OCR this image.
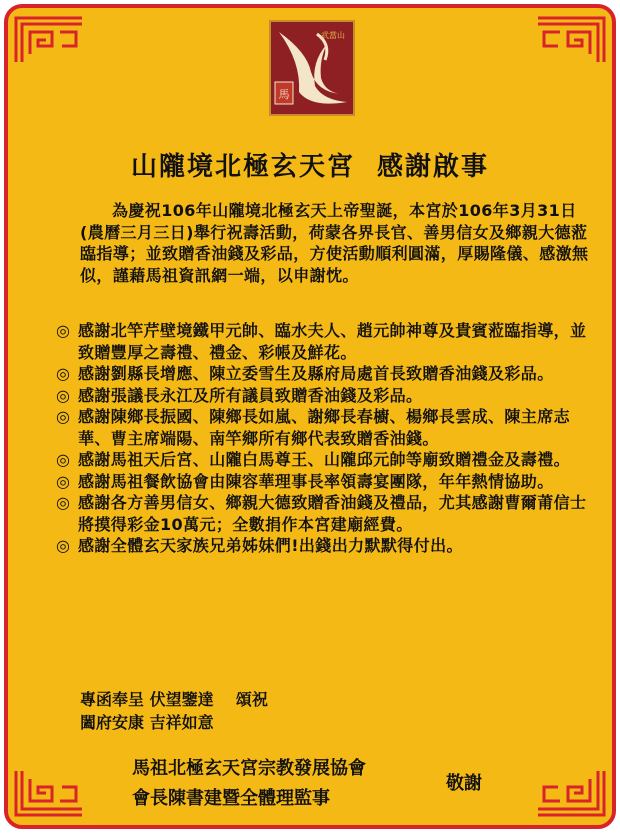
馬
武當山
山隴境北極玄天宮  感謝啟事
為慶祝106年山隴境北極玄天上帝聖誕，本宮於106年3月31日(農曆三月三日)舉行祝壽活動，荷蒙各界長官、善男信女及鄉親大德蒞臨指導；並致贈香油錢及彩品，方使活動順利圓滿，厚賜隆儀、感激無似，謹藉馬祖資訊網一端，以申謝忱。
◎ 感謝北竿芹壁境鐵甲元帥、臨水夫人、趙元帥神尊及貴賓蒞臨指導，並致贈豐厚之壽禮、禮金、彩帳及鮮花。
◎ 感謝劉縣長增應、陳立委雪生及縣府局處首長致贈香油錢及彩品。
◎ 感謝張議長永江及所有議員致贈香油錢及彩品。
◎ 感謝陳鄉長振國、陳鄉長如嵐、謝鄉長春櫥、楊鄉長雲成、陳主席志華、曹主席端陽、南竿鄉所有鄉代表致贈香油錢。
◎ 感謝馬祖天后宮、山隴白馬尊王、山隴邱元帥等廟致贈禮金及壽禮。
◎ 感謝馬祖餐飲協會由陳容華理事長率領壽宴團隊，年年熱情協助。
◎ 感謝各方善男信女、鄉親大德致贈香油錢及禮品，尤其感謝曹爾莆信士將摸得彩金10萬元；全數捐作本宮建廟經費。
◎ 感謝全體玄天家族兄弟姊妹們!出錢出力默默得付出。
專函奉呈 伏望鑒達    頌祝
闔府安康 吉祥如意
馬祖北極玄天宮宗教發展協會
會長陳書建暨全體理監事
敬謝
